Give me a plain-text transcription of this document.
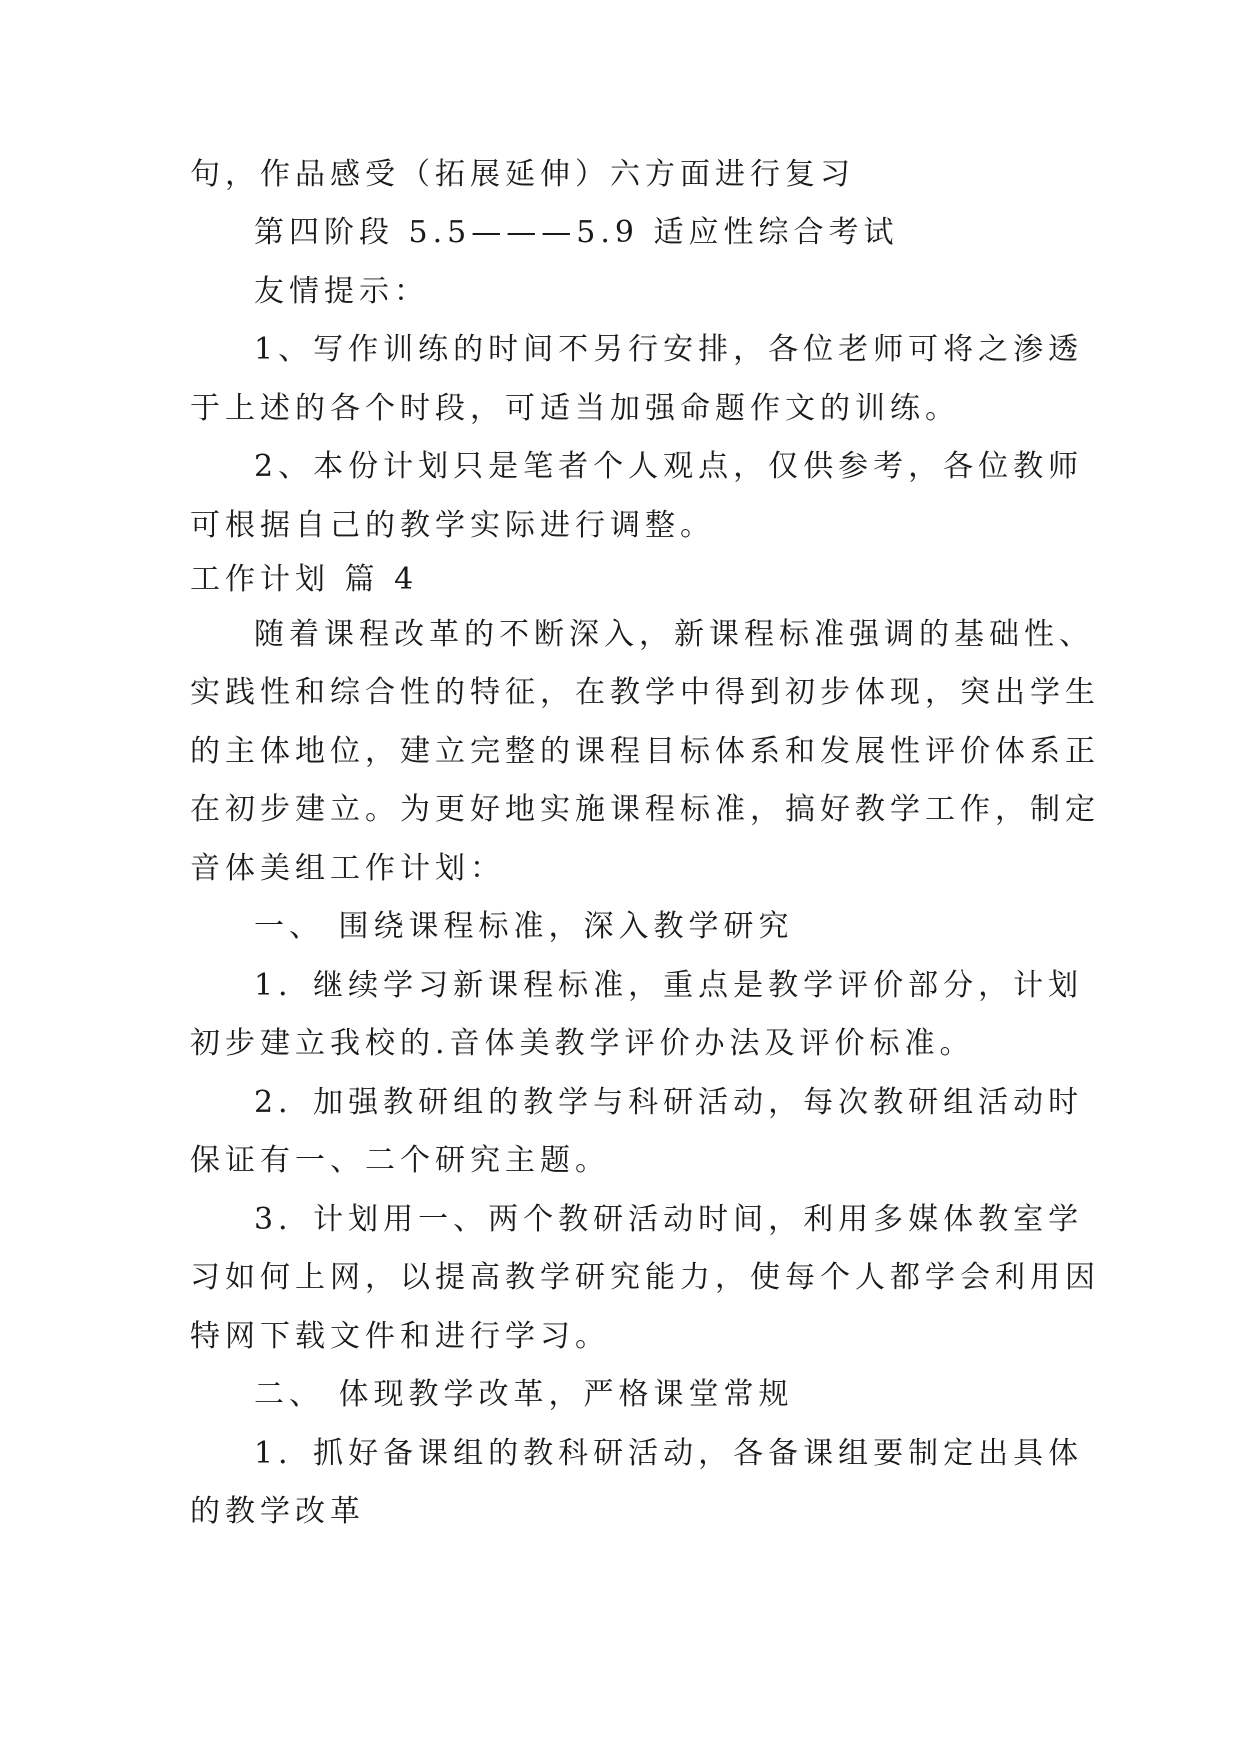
句，作品感受（拓展延伸）六方面进行复习
第四阶段 5.5———5.9 适应性综合考试
友情提示：
1、写作训练的时间不另行安排，各位老师可将之渗透
于上述的各个时段，可适当加强命题作文的训练。
2、本份计划只是笔者个人观点，仅供参考，各位教师
可根据自己的教学实际进行调整。
工作计划 篇 4
随着课程改革的不断深入，新课程标准强调的基础性、
实践性和综合性的特征，在教学中得到初步体现，突出学生
的主体地位，建立完整的课程目标体系和发展性评价体系正
在初步建立。为更好地实施课程标准，搞好教学工作，制定
音体美组工作计划：
一、 围绕课程标准，深入教学研究
1．继续学习新课程标准，重点是教学评价部分，计划
初步建立我校的.音体美教学评价办法及评价标准。
2．加强教研组的教学与科研活动，每次教研组活动时
保证有一、二个研究主题。
3．计划用一、两个教研活动时间，利用多媒体教室学
习如何上网，以提高教学研究能力，使每个人都学会利用因
特网下载文件和进行学习。
二、 体现教学改革，严格课堂常规
1．抓好备课组的教科研活动，各备课组要制定出具体
的教学改革
